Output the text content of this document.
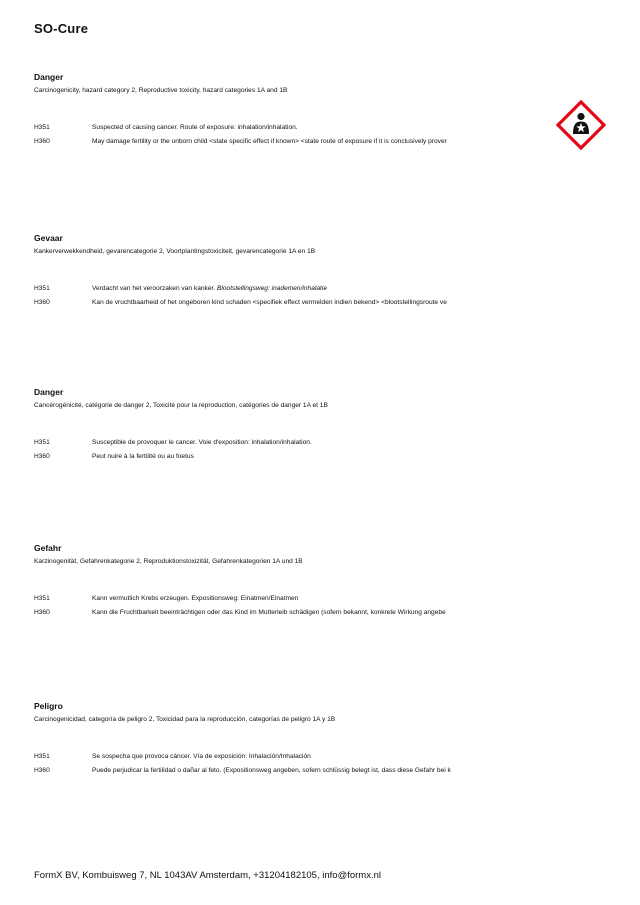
SO-Cure

Danger

Carcinogenicity, hazard category 2, Reproductive toxicity, hazard categories 1A and 1B

H351	Suspected of causing cancer. Route of exposure: inhalation/inhalation.
H360	May damage fertility or the unborn child <state specific effect if known> <state route of exposure if it is conclusively prover

Gevaar

Kankerverwekkendheid, gevarencategorie 2, Voortplantingstoxiciteit, gevarencategorie 1A en 1B

H351	Verdacht van het veroorzaken van kanker. Blootstellingsweg: inademen/inhalatie
H360	Kan de vruchtbaarheid of het ongeboren kind schaden <specifiek effect vermelden indien bekend> <blootstellingsroute ve

Danger

Cancérogénicité, catégorie de danger 2, Toxicité pour la reproduction, catégories de danger 1A et 1B

H351	Susceptible de provoquer le cancer. Voie d'exposition: inhalation/inhalation.
H360	Peut nuire à la fertilité ou au foetus

Gefahr

Karzinogenität, Gefahrenkategorie 2, Reproduktionstoxizität, Gefahrenkategorien 1A und 1B

H351	Kann vermutlich Krebs erzeugen. Expositionsweg: Einatmen/Einatmen
H360	Kann die Fruchtbarkeit beeinträchtigen oder das Kind im Mutterleib schädigen (sofern bekannt, konkrete Wirkung angebe

Peligro

Carcinogenicidad, categoría de peligro 2, Toxicidad para la reproducción, categorías de peligro 1A y 1B

H351	Se sospecha que provoca cáncer. Vía de exposición: Inhalación/Inhalación
H360	Puede perjudicar la fertilidad o dañar al feto. (Expositionsweg angeben, sofern schlüssig belegt ist, dass diese Gefahr bei k
FormX BV, Kombuisweg 7, NL 1043AV Amsterdam, +31204182105, info@formx.nl
